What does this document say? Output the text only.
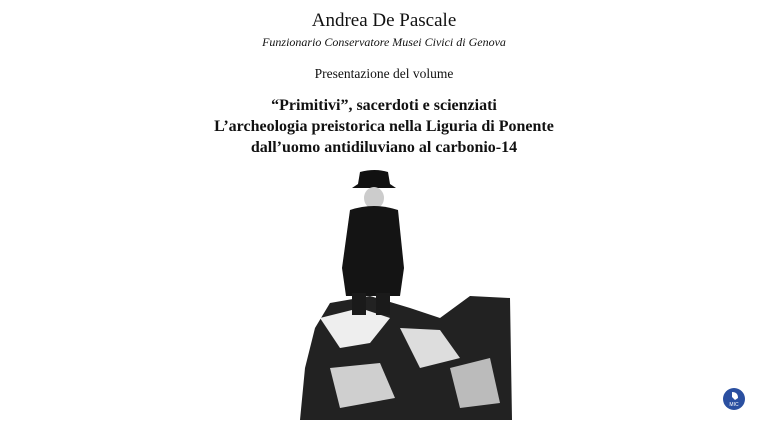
Andrea De Pascale
Funzionario Conservatore Musei Civici di Genova
Presentazione del volume
“Primitivi”, sacerdoti e scienziati
L’archeologia preistorica nella Liguria di Ponente
dall’uomo antidiluviano al carbonio-14
MIC
